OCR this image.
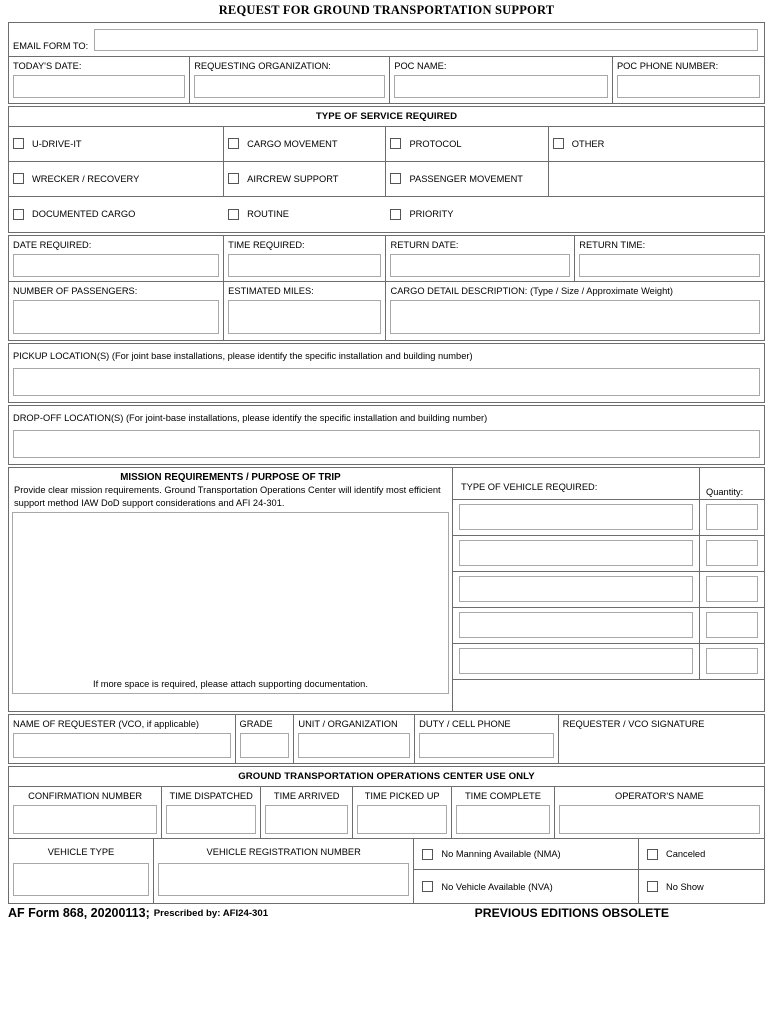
REQUEST FOR GROUND TRANSPORTATION SUPPORT
EMAIL FORM TO:
TODAY'S DATE:	REQUESTING ORGANIZATION:	POC NAME:	POC PHONE NUMBER:
TYPE OF SERVICE REQUIRED
U-DRIVE-IT	CARGO MOVEMENT	PROTOCOL	OTHER
WRECKER / RECOVERY	AIRCREW SUPPORT	PASSENGER MOVEMENT
DOCUMENTED CARGO	ROUTINE	PRIORITY
DATE REQUIRED:	TIME REQUIRED:	RETURN DATE:	RETURN TIME:
NUMBER OF PASSENGERS:	ESTIMATED MILES:	CARGO DETAIL DESCRIPTION: (Type / Size / Approximate Weight)
PICKUP LOCATION(S) (For joint base installations, please identify the specific installation and building number)
DROP-OFF LOCATION(S) (For joint-base installations, please identify the specific installation and building number)
MISSION REQUIREMENTS / PURPOSE OF TRIP
Provide clear mission requirements. Ground Transportation Operations Center will identify most efficient support method IAW DoD support considerations and AFI 24-301.
If more space is required, please attach supporting documentation.
TYPE OF VEHICLE REQUIRED:	Quantity:
NAME OF REQUESTER (VCO, if applicable)	GRADE	UNIT / ORGANIZATION	DUTY / CELL PHONE	REQUESTER / VCO SIGNATURE
GROUND TRANSPORTATION OPERATIONS CENTER USE ONLY
CONFIRMATION NUMBER	TIME DISPATCHED	TIME ARRIVED	TIME PICKED UP	TIME COMPLETE	OPERATOR'S NAME
VEHICLE TYPE	VEHICLE REGISTRATION NUMBER	No Manning Available (NMA)	Canceled
No Vehicle Available (NVA)	No Show
AF Form 868, 20200113; Prescribed by: AFI24-301	PREVIOUS EDITIONS OBSOLETE
